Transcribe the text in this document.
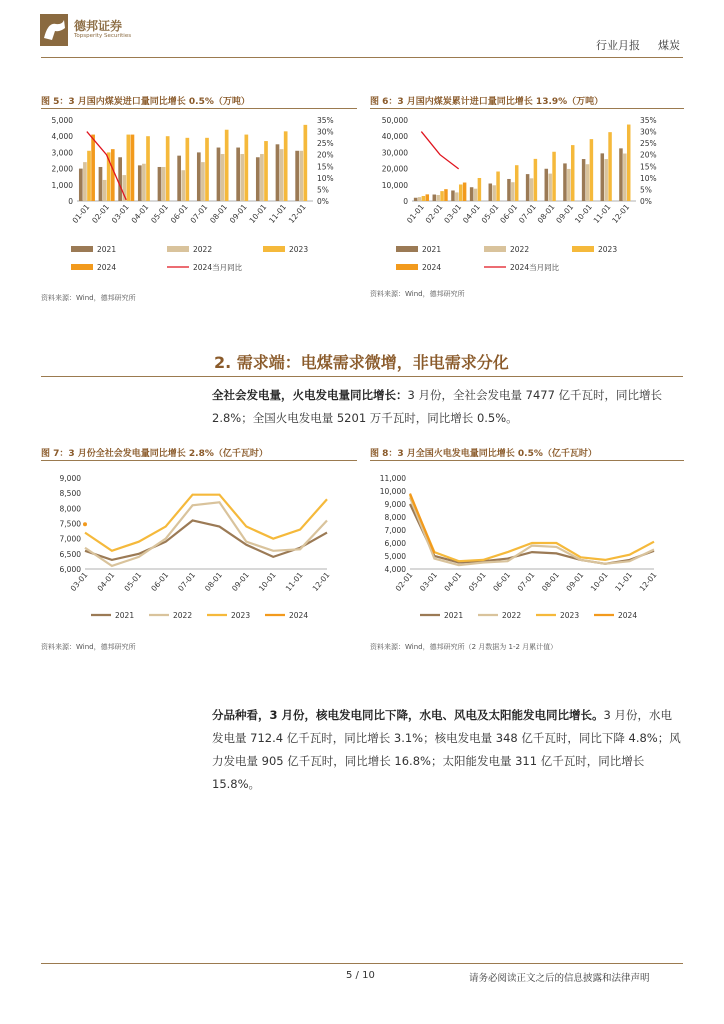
德邦证券
Topsperity Securities
行业月报 煤炭
图 5：3 月国内煤炭进口量同比增长 0.5%（万吨）
0
1,000
2,000
3,000
4,000
5,000
0%
5%
10%
15%
20%
25%
30%
35%
01-01
02-01
03-01
04-01
05-01
06-01
07-01
08-01
09-01
10-01
11-01
12-01
2021	2022	2023
2024	2024当月同比
资料来源：Wind，德邦研究所
图 6：3 月国内煤炭累计进口量同比增长 13.9%（万吨）
0
10,000
20,000
30,000
40,000
50,000
0%
5%
10%
15%
20%
25%
30%
35%
01-01
02-01
03-01
04-01
05-01
06-01
07-01
08-01
09-01
10-01
11-01
12-01
2021	2022	2023
2024	2024当月同比
资料来源：Wind，德邦研究所
2. 需求端：电煤需求微增，非电需求分化
全社会发电量，火电发电量同比增长：3 月份，全社会发电量 7477 亿千瓦时，同比增长 2.8%；全国火电发电量 5201 万千瓦时，同比增长 0.5%。
图 7：3 月份全社会发电量同比增长 2.8%（亿千瓦时）
6,000
6,500
7,000
7,500
8,000
8,500
9,000
03-01 04-01 05-01 06-01 07-01 08-01 09-01 10-01 11-01 12-01
2021	2022	2023	2024
资料来源：Wind，德邦研究所
图 8：3 月全国火电发电量同比增长 0.5%（亿千瓦时）
4,000
5,000
6,000
7,000
8,000
9,000
10,000
11,000
02-01 03-01 04-01 05-01 06-01 07-01 08-01 09-01 10-01 11-01 12-01
2021	2022	2023	2024
资料来源：Wind，德邦研究所（2 月数据为 1-2 月累计值）
分品种看，3 月份，核电发电同比下降，水电、风电及太阳能发电同比增长。3 月份，水电发电量 712.4 亿千瓦时，同比增长 3.1%；核电发电量 348 亿千瓦时，同比下降 4.8%；风力发电量 905 亿千瓦时，同比增长 16.8%；太阳能发电量 311 亿千瓦时，同比增长 15.8%。
5 / 10	请务必阅读正文之后的信息披露和法律声明
